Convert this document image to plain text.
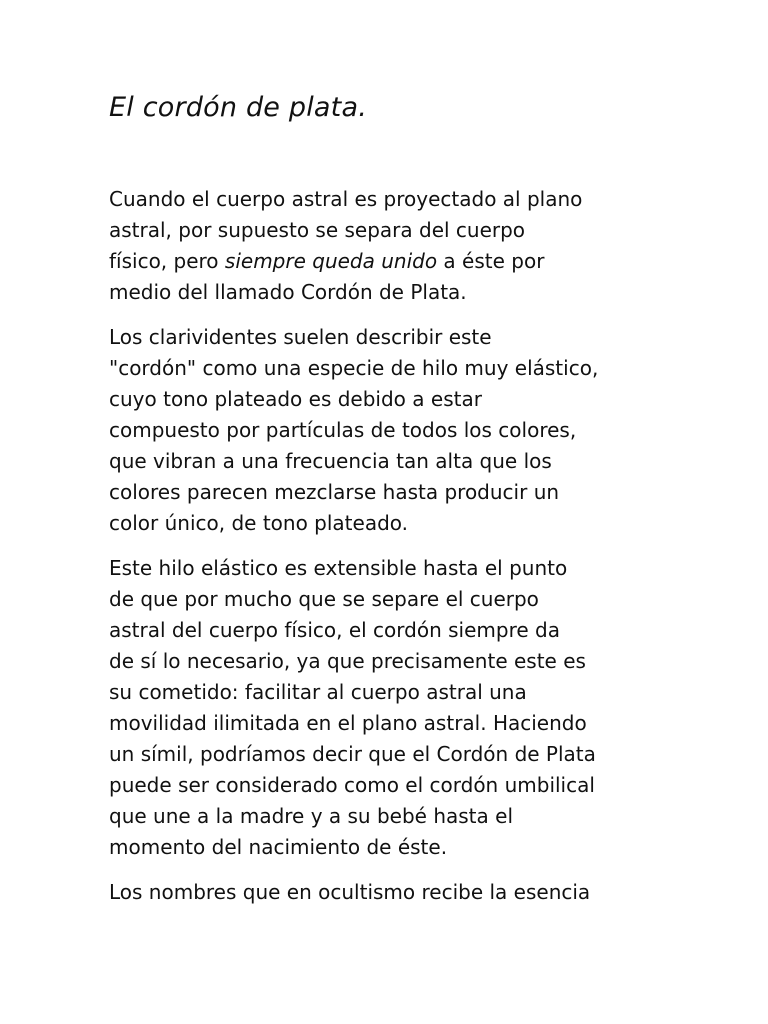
El cordón de plata.

Cuando el cuerpo astral es proyectado al plano
astral, por supuesto se separa del cuerpo
físico, pero siempre queda unido a éste por
medio del llamado Cordón de Plata.

Los clarividentes suelen describir este
"cordón" como una especie de hilo muy elástico,
cuyo tono plateado es debido a estar
compuesto por partículas de todos los colores,
que vibran a una frecuencia tan alta que los
colores parecen mezclarse hasta producir un
color único, de tono plateado.

Este hilo elástico es extensible hasta el punto
de que por mucho que se separe el cuerpo
astral del cuerpo físico, el cordón siempre da
de sí lo necesario, ya que precisamente este es
su cometido: facilitar al cuerpo astral una
movilidad ilimitada en el plano astral. Haciendo
un símil, podríamos decir que el Cordón de Plata
puede ser considerado como el cordón umbilical
que une a la madre y a su bebé hasta el
momento del nacimiento de éste.

Los nombres que en ocultismo recibe la esencia
